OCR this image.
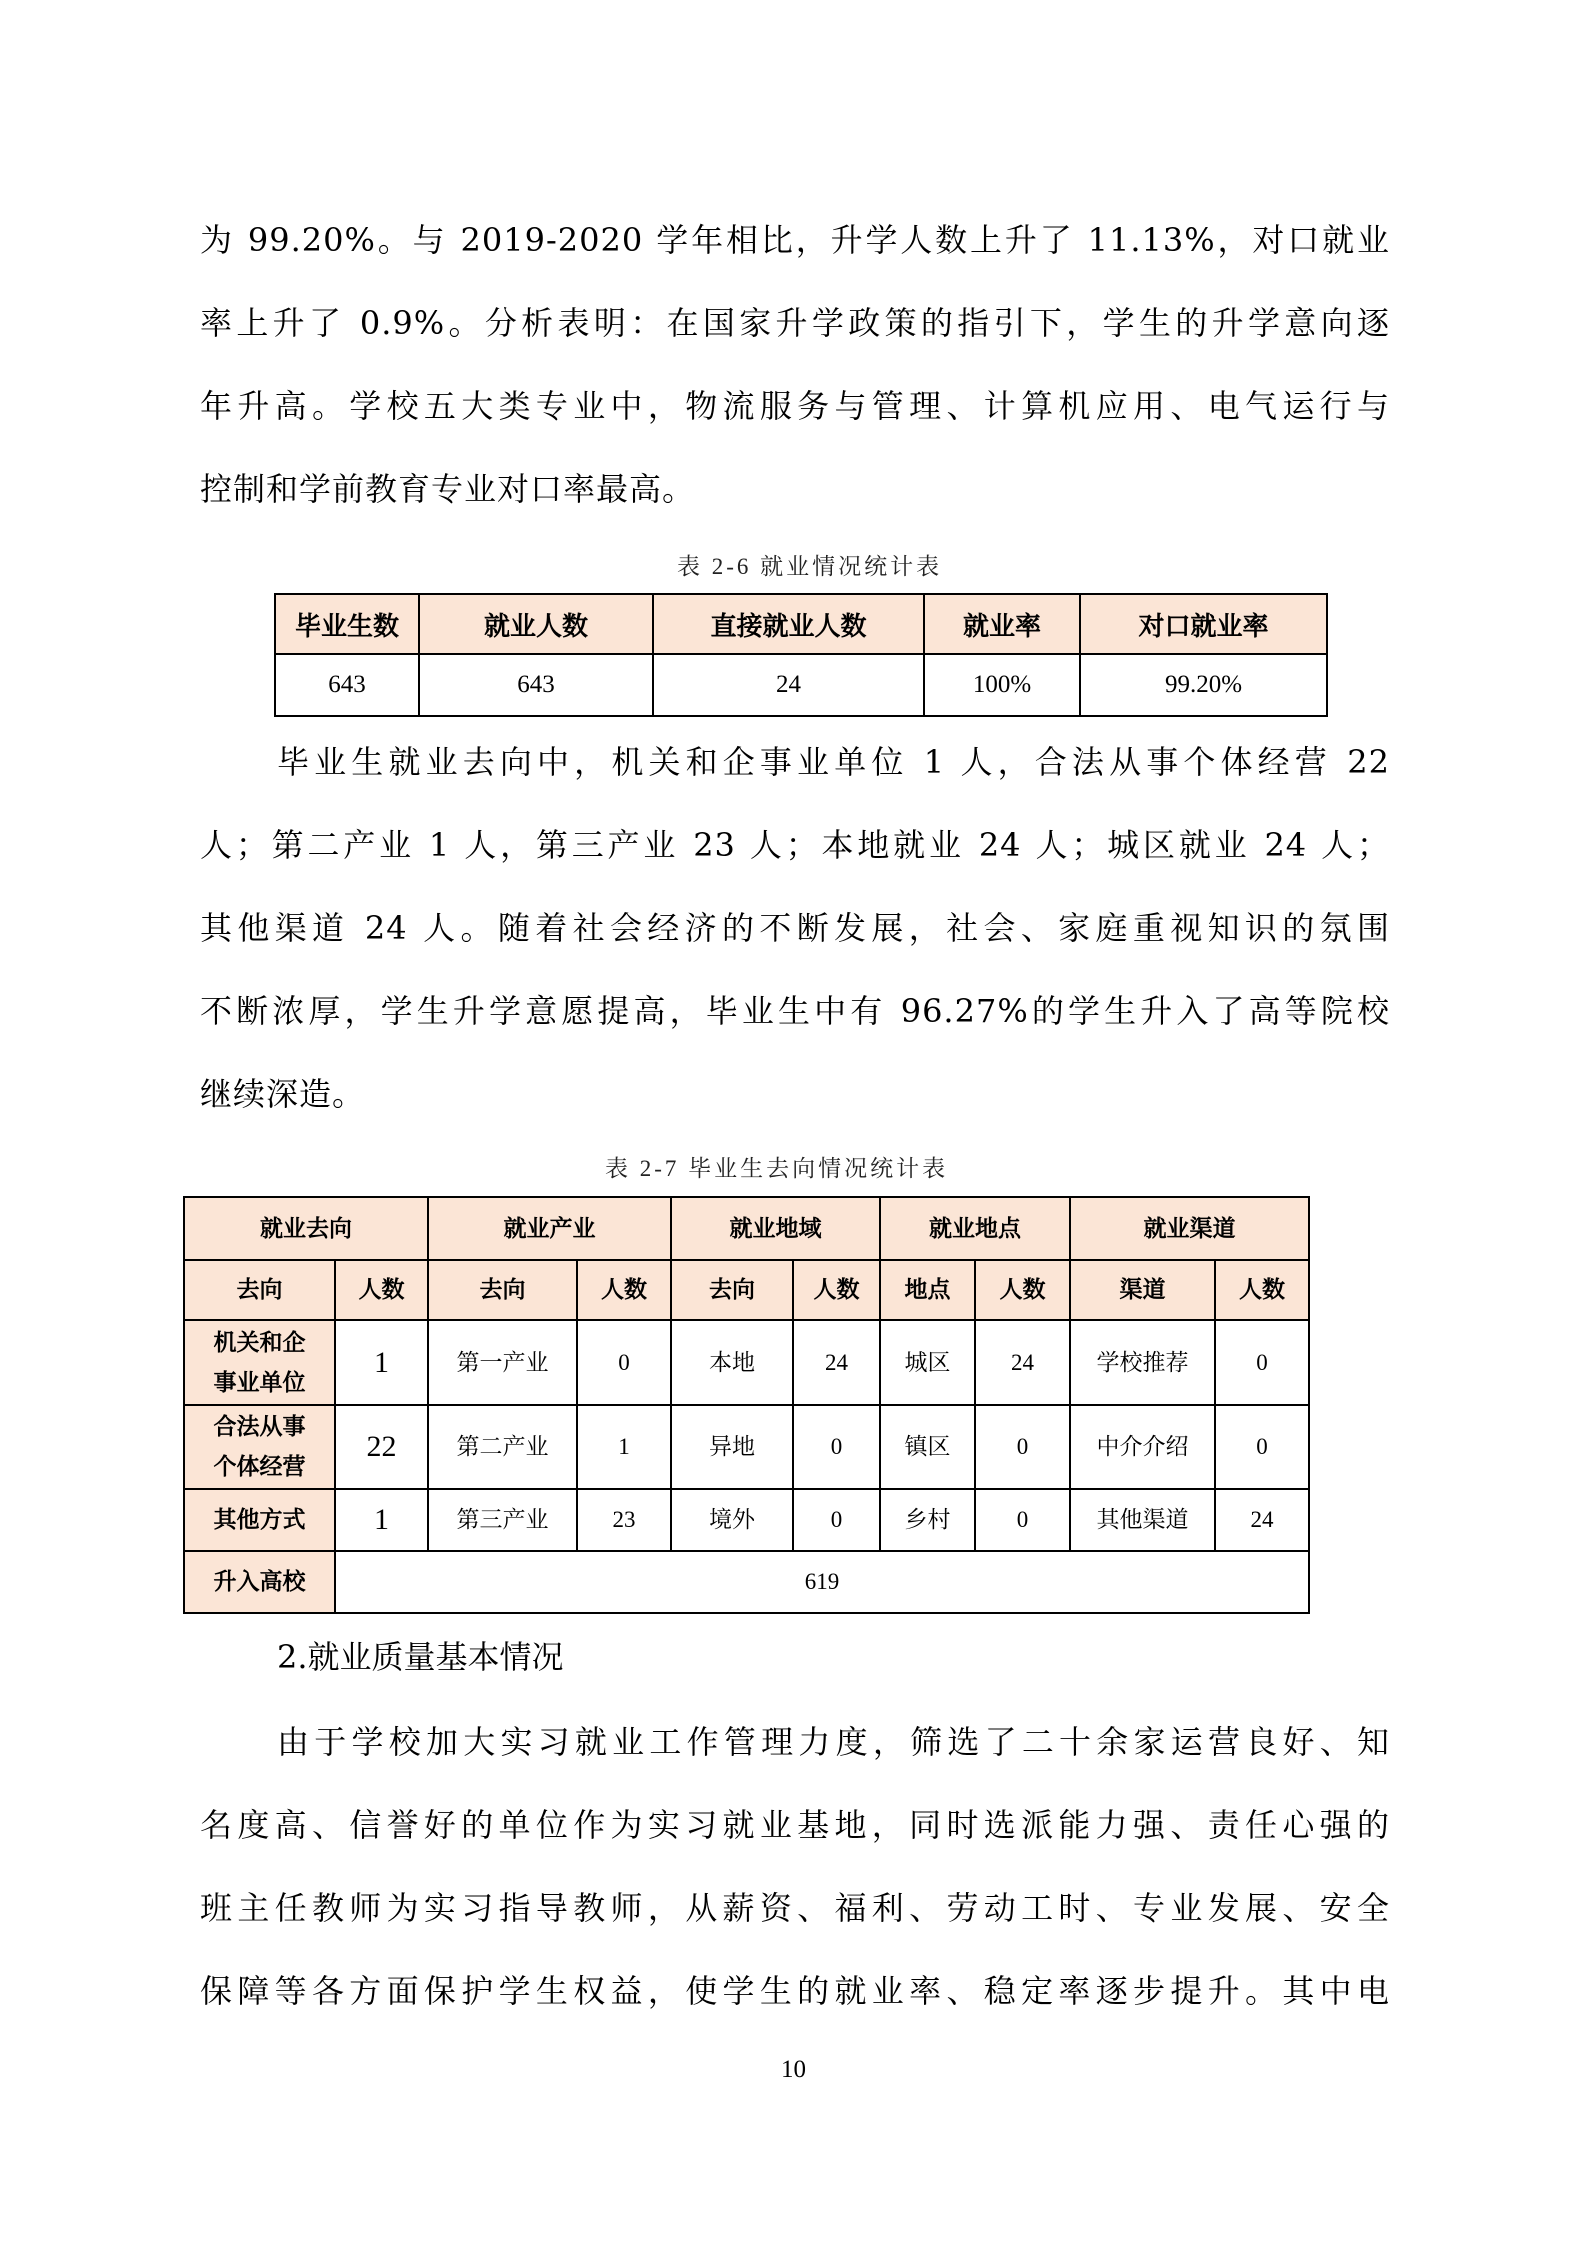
为 99.20%。与 2019-2020 学年相比，升学人数上升了 11.13%，对口就业
率上升了 0.9%。分析表明：在国家升学政策的指引下，学生的升学意向逐
年升高。学校五大类专业中，物流服务与管理、计算机应用、电气运行与
控制和学前教育专业对口率最高。
表 2-6 就业情况统计表
毕业生数	就业人数	直接就业人数	就业率	对口就业率
643	643	24	100%	99.20%
毕业生就业去向中，机关和企事业单位 1 人，合法从事个体经营 22
人；第二产业 1 人，第三产业 23 人；本地就业 24 人；城区就业 24 人；
其他渠道 24 人。随着社会经济的不断发展，社会、家庭重视知识的氛围
不断浓厚，学生升学意愿提高，毕业生中有 96.27%的学生升入了高等院校
继续深造。
表 2-7 毕业生去向情况统计表
就业去向		就业产业		就业地域		就业地点		就业渠道	
去向	人数	去向	人数	去向	人数	地点	人数	渠道	人数

机关和企
事业单位	1	第一产业	0	本地	24	城区	24	学校推荐	0

合法从事
个体经营	22	第二产业	1	异地	0	镇区	0	中介介绍	0
其他方式	1	第三产业	23	境外	0	乡村	0	其他渠道	24
升入高校	619								
2.就业质量基本情况
由于学校加大实习就业工作管理力度，筛选了二十余家运营良好、知
名度高、信誉好的单位作为实习就业基地，同时选派能力强、责任心强的
班主任教师为实习指导教师，从薪资、福利、劳动工时、专业发展、安全
保障等各方面保护学生权益，使学生的就业率、稳定率逐步提升。其中电
10
